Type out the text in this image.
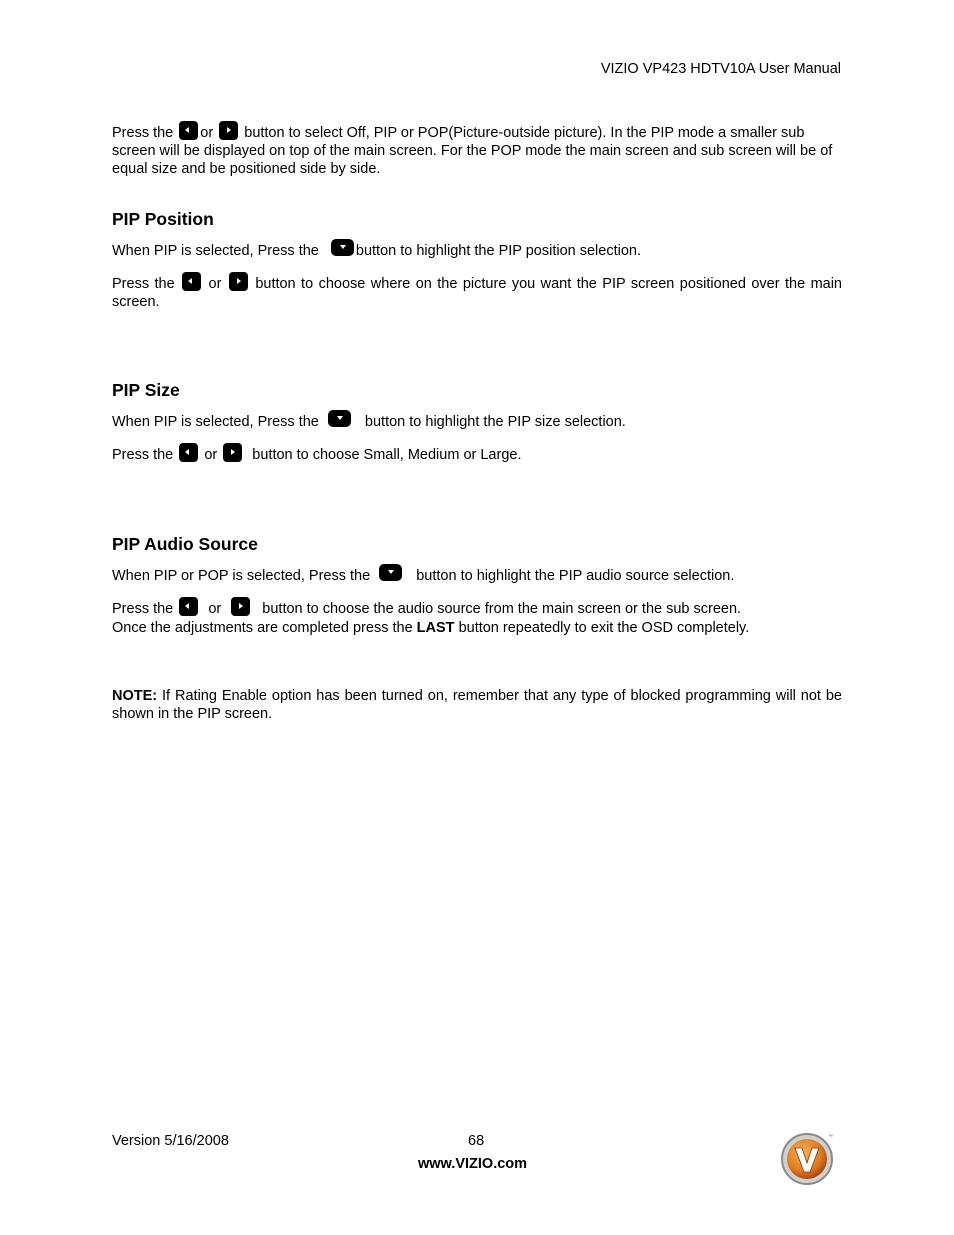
VIZIO VP423 HDTV10A User Manual
Press the or button to select Off, PIP or POP(Picture-outside picture). In the PIP mode a smaller sub screen will be displayed on top of the main screen. For the POP mode the main screen and sub screen will be of equal size and be positioned side by side.
PIP Position
When PIP is selected, Press the	button to highlight the PIP position selection.
Press the or button to choose where on the picture you want the PIP screen positioned over the main screen.
PIP Size
When PIP is selected, Press the	button to highlight the PIP size selection.
Press the or button to choose Small, Medium or Large.
PIP Audio Source
When PIP or POP is selected, Press the	button to highlight the PIP audio source selection.
Press the or	button to choose the audio source from the main screen or the sub screen.
Once the adjustments are completed press the LAST button repeatedly to exit the OSD completely.
NOTE: If Rating Enable option has been turned on, remember that any type of blocked programming will not be shown in the PIP screen.
Version 5/16/2008	68
www.VIZIO.com
™
